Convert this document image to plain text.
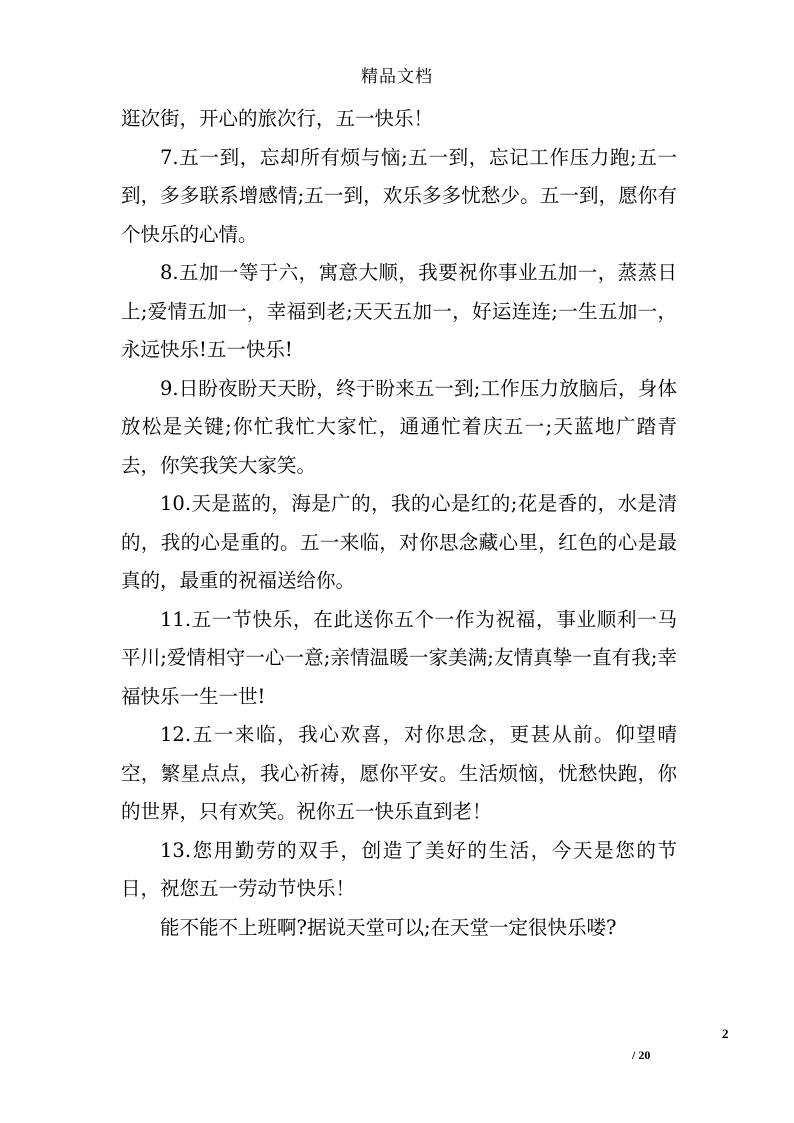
精品文档

逛次街，开心的旅次行，五一快乐！

7.五一到，忘却所有烦与恼;五一到，忘记工作压力跑;五一到，多多联系增感情;五一到，欢乐多多忧愁少。五一到，愿你有个快乐的心情。

8.五加一等于六，寓意大顺，我要祝你事业五加一，蒸蒸日上;爱情五加一，幸福到老;天天五加一，好运连连;一生五加一，永远快乐!五一快乐!

9.日盼夜盼天天盼，终于盼来五一到;工作压力放脑后，身体放松是关键;你忙我忙大家忙，通通忙着庆五一;天蓝地广踏青去，你笑我笑大家笑。

10.天是蓝的，海是广的，我的心是红的;花是香的，水是清的，我的心是重的。五一来临，对你思念藏心里，红色的心是最真的，最重的祝福送给你。

11.五一节快乐，在此送你五个一作为祝福，事业顺利一马平川;爱情相守一心一意;亲情温暖一家美满;友情真挚一直有我;幸福快乐一生一世!

12.五一来临，我心欢喜，对你思念，更甚从前。仰望晴空，繁星点点，我心祈祷，愿你平安。生活烦恼，忧愁快跑，你的世界，只有欢笑。祝你五一快乐直到老！

13.您用勤劳的双手，创造了美好的生活，今天是您的节日，祝您五一劳动节快乐！

能不能不上班啊?据说天堂可以;在天堂一定很快乐喽?

2
/ 20
